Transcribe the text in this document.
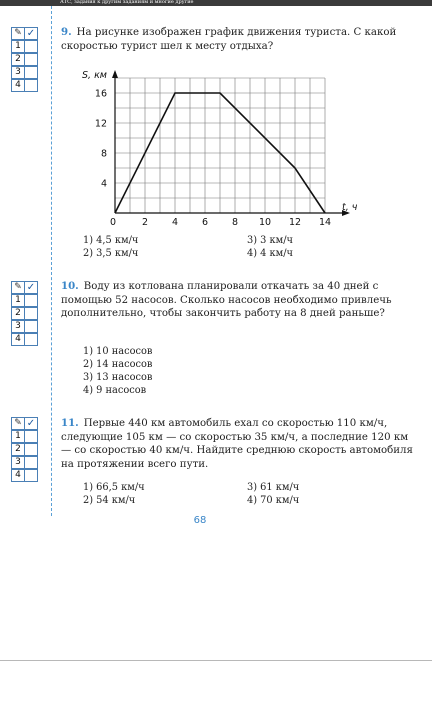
АТС, задания к другим заданиям и многие другие
✎ ✓
1
2
3
4
9. На рисунке изображен график движения туриста. С какой скоростью турист шел к месту отдыха?
0	2	4	6	8 10 12 14
4
8
12
16
S, км
t, ч
1) 4,5 км/ч
2) 3,5 км/ч
3) 3 км/ч
4) 4 км/ч
✎ ✓
1
2
3
4
10. Воду из котлована планировали откачать за 40 дней с помощью 52 насосов. Сколько насосов необходимо привлечь дополнительно, чтобы закончить работу на 8 дней раньше?
1) 10 насосов
2) 14 насосов
3) 13 насосов
4) 9 насосов
✎ ✓
1
2
3
4
11. Первые 440 км автомобиль ехал со скоростью 110 км/ч, следующие 105 км — со скоростью 35 км/ч, а последние 120 км — со скоростью 40 км/ч. Найдите среднюю скорость автомобиля на протяжении всего пути.
1) 66,5 км/ч
2) 54 км/ч
3) 61 км/ч
4) 70 км/ч
68
